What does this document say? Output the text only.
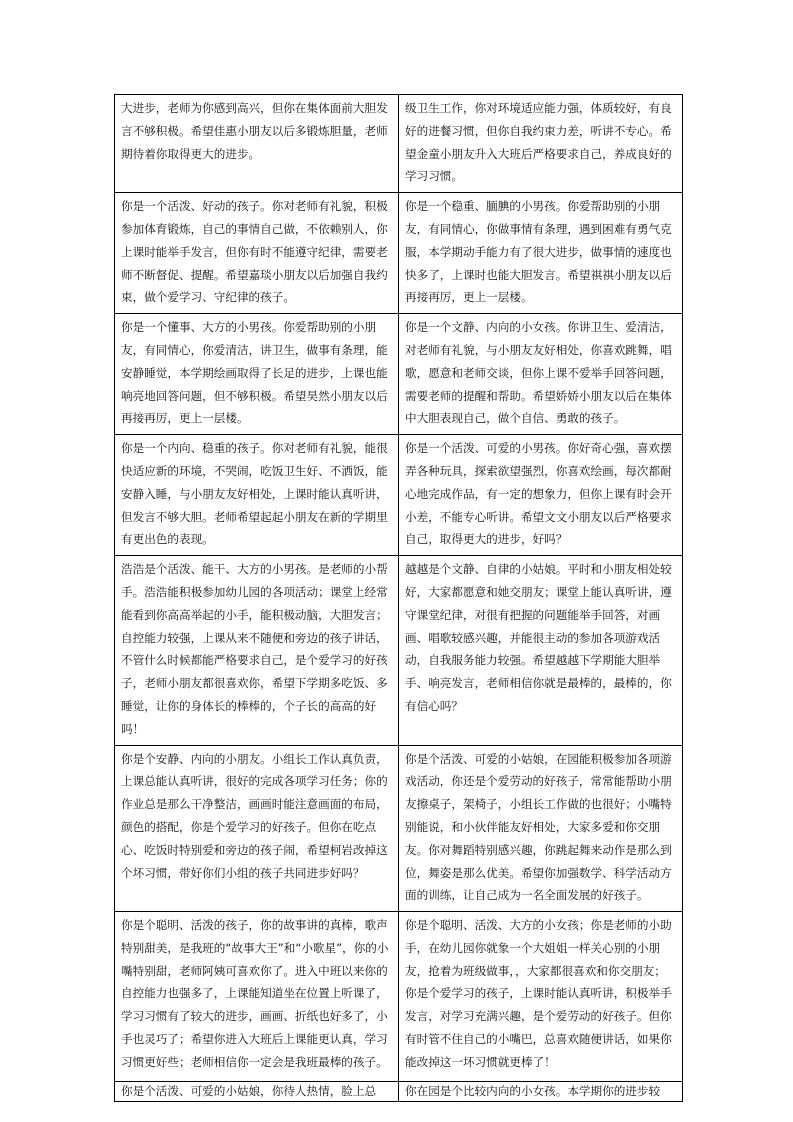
大进步，老师为你感到高兴，但你在集体面前大胆发言不够积极。希望佳惠小朋友以后多锻炼胆量，老师期待着你取得更大的进步。	级卫生工作，你对环境适应能力强，体质较好，有良好的进餐习惯，但你自我约束力差，听讲不专心。希望金童小朋友升入大班后严格要求自己，养成良好的学习习惯。
你是一个活泼、好动的孩子。你对老师有礼貌，积极参加体育锻炼，自己的事情自己做，不依赖别人，你上课时能举手发言，但你有时不能遵守纪律，需要老师不断督促、提醒。希望嘉琰小朋友以后加强自我约束，做个爱学习、守纪律的孩子。	你是一个稳重、腼腆的小男孩。你爱帮助别的小朋友，有同情心，你做事情有条理，遇到困难有勇气克服，本学期动手能力有了很大进步，做事情的速度也快多了，上课时也能大胆发言。希望祺祺小朋友以后再接再厉，更上一层楼。
你是一个懂事、大方的小男孩。你爱帮助别的小朋友，有同情心，你爱清洁，讲卫生，做事有条理，能安静睡觉，本学期绘画取得了长足的进步，上课也能响亮地回答问题，但不够积极。希望昊然小朋友以后再接再厉，更上一层楼。	你是一个文静、内向的小女孩。你讲卫生、爱清洁，对老师有礼貌，与小朋友友好相处，你喜欢跳舞，唱歌，愿意和老师交谈，但你上课不爱举手回答问题，需要老师的提醒和帮助。希望娇娇小朋友以后在集体中大胆表现自己，做个自信、勇敢的孩子。
你是一个内向、稳重的孩子。你对老师有礼貌，能很快适应新的环境，不哭闹，吃饭卫生好、不洒饭，能安静入睡，与小朋友友好相处，上课时能认真听讲，但发言不够大胆。老师希望起起小朋友在新的学期里有更出色的表现。	你是一个活泼、可爱的小男孩。你好奇心强，喜欢摆弄各种玩具，探索欲望强烈，你喜欢绘画，每次都耐心地完成作品，有一定的想象力，但你上课有时会开小差，不能专心听讲。希望文文小朋友以后严格要求自己，取得更大的进步，好吗？
浩浩是个活泼、能干、大方的小男孩。是老师的小帮手。浩浩能积极参加幼儿园的各项活动；课堂上经常能看到你高高举起的小手，能积极动脑，大胆发言；自控能力较强，上课从来不随便和旁边的孩子讲话，不管什么时候都能严格要求自己，是个爱学习的好孩子，老师小朋友都很喜欢你，希望下学期多吃饭、多睡觉，让你的身体长的棒棒的，个子长的高高的好吗！	越越是个文静、自律的小姑娘。平时和小朋友相处较好，大家都愿意和她交朋友；课堂上能认真听讲，遵守课堂纪律，对很有把握的问题能举手回答，对画画、唱歌较感兴趣，并能很主动的参加各项游戏活动，自我服务能力较强。希望越越下学期能大胆举手、响亮发言，老师相信你就是最棒的，最棒的，你有信心吗？
你是个安静、内向的小朋友。小组长工作认真负责，上课总能认真听讲，很好的完成各项学习任务；你的作业总是那么干净整洁，画画时能注意画面的布局，颜色的搭配，你是个爱学习的好孩子。但你在吃点心、吃饭时特别爱和旁边的孩子闹，希望柯岩改掉这个坏习惯，带好你们小组的孩子共同进步好吗？	你是个活泼、可爱的小姑娘，在园能积极参加各项游戏活动，你还是个爱劳动的好孩子，常常能帮助小朋友擦桌子，架椅子，小组长工作做的也很好；小嘴特别能说，和小伙伴能友好相处，大家多爱和你交朋友。你对舞蹈特别感兴趣，你跳起舞来动作是那么到位，舞姿是那么优美。希望你加强数学、科学活动方面的训练，让自己成为一名全面发展的好孩子。
你是个聪明、活泼的孩子，你的故事讲的真棒，歌声特别甜美，是我班的“故事大王”和“小歌星”，你的小嘴特别甜，老师阿姨可喜欢你了。进入中班以来你的自控能力也强多了，上课能知道坐在位置上听课了，学习习惯有了较大的进步，画画、折纸也好多了，小手也灵巧了；希望你进入大班后上课能更认真，学习习惯更好些；老师相信你一定会是我班最棒的孩子。	你是个聪明、活泼、大方的小女孩；你是老师的小助手，在幼儿园你就象一个大姐姐一样关心别的小朋友，抢着为班级做事，，大家都很喜欢和你交朋友；你是个爱学习的孩子，上课时能认真听讲，积极举手发言，对学习充满兴趣，是个爱劳动的好孩子。但你有时管不住自己的小嘴巴，总喜欢随便讲话，如果你能改掉这一坏习惯就更棒了！
你是个活泼、可爱的小姑娘，你待人热情，脸上总	你在园是个比较内向的小女孩。本学期你的进步较
